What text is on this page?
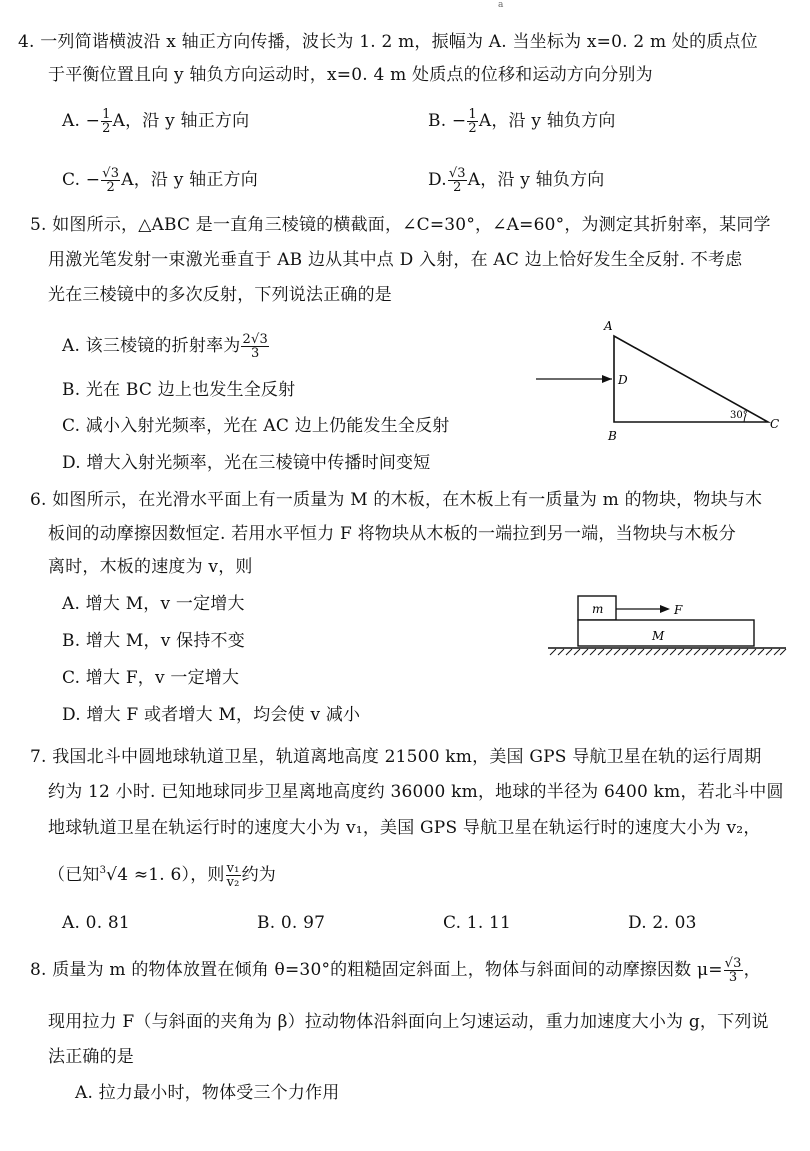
a
4. 一列简谐横波沿 x 轴正方向传播，波长为 1. 2 m，振幅为 A. 当坐标为 x=0. 2 m 处的质点位
于平衡位置且向 y 轴负方向运动时，x=0. 4 m 处质点的位移和运动方向分别为
A. − $\frac{1}{2}$ A，沿 y 轴正方向	B. − $\frac{1}{2}$ A，沿 y 轴负方向
C. − $\frac{√3}{2}$ A，沿 y 轴正方向	D. $\frac{√3}{2}$ A，沿 y 轴负方向
5. 如图所示，△ABC 是一直角三棱镜的横截面，∠C=30°，∠A=60°，为测定其折射率，某同学
用激光笔发射一束激光垂直于 AB 边从其中点 D 入射，在 AC 边上恰好发生全反射. 不考虑
光在三棱镜中的多次反射，下列说法正确的是
A. 该三棱镜的折射率为 $\frac{2√3}{3}$
B. 光在 BC 边上也发生全反射
C. 减小入射光频率，光在 AC 边上仍能发生全反射
D. 增大入射光频率，光在三棱镜中传播时间变短
A
D
B
C
30°
6. 如图所示，在光滑水平面上有一质量为 M 的木板，在木板上有一质量为 m 的物块，物块与木
板间的动摩擦因数恒定. 若用水平恒力 F 将物块从木板的一端拉到另一端，当物块与木板分
离时，木板的速度为 v，则
A. 增大 M，v 一定增大
B. 增大 M，v 保持不变
C. 增大 F，v 一定增大
D. 增大 F 或者增大 M，均会使 v 减小
m	F
M
7. 我国北斗中圆地球轨道卫星，轨道离地高度 21500 km，美国 GPS 导航卫星在轨的运行周期
约为 12 小时. 已知地球同步卫星离地高度约 36000 km，地球的半径为 6400 km，若北斗中圆
地球轨道卫星在轨运行时的速度大小为 v₁，美国 GPS 导航卫星在轨运行时的速度大小为 v₂，
（已知$^3$√4 ≈1. 6），则 $\frac{\text{v₁}}{\text{v₂}}$ 约为
A. 0. 81	B. 0. 97	C. 1. 11	D. 2. 03
8. 质量为 m 的物体放置在倾角 θ=30°的粗糙固定斜面上，物体与斜面间的动摩擦因数 $\mu= \frac{√3}{3}$ ，
现用拉力 F（与斜面的夹角为 β）拉动物体沿斜面向上匀速运动，重力加速度大小为 g，下列说
法正确的是
A. 拉力最小时，物体受三个力作用
